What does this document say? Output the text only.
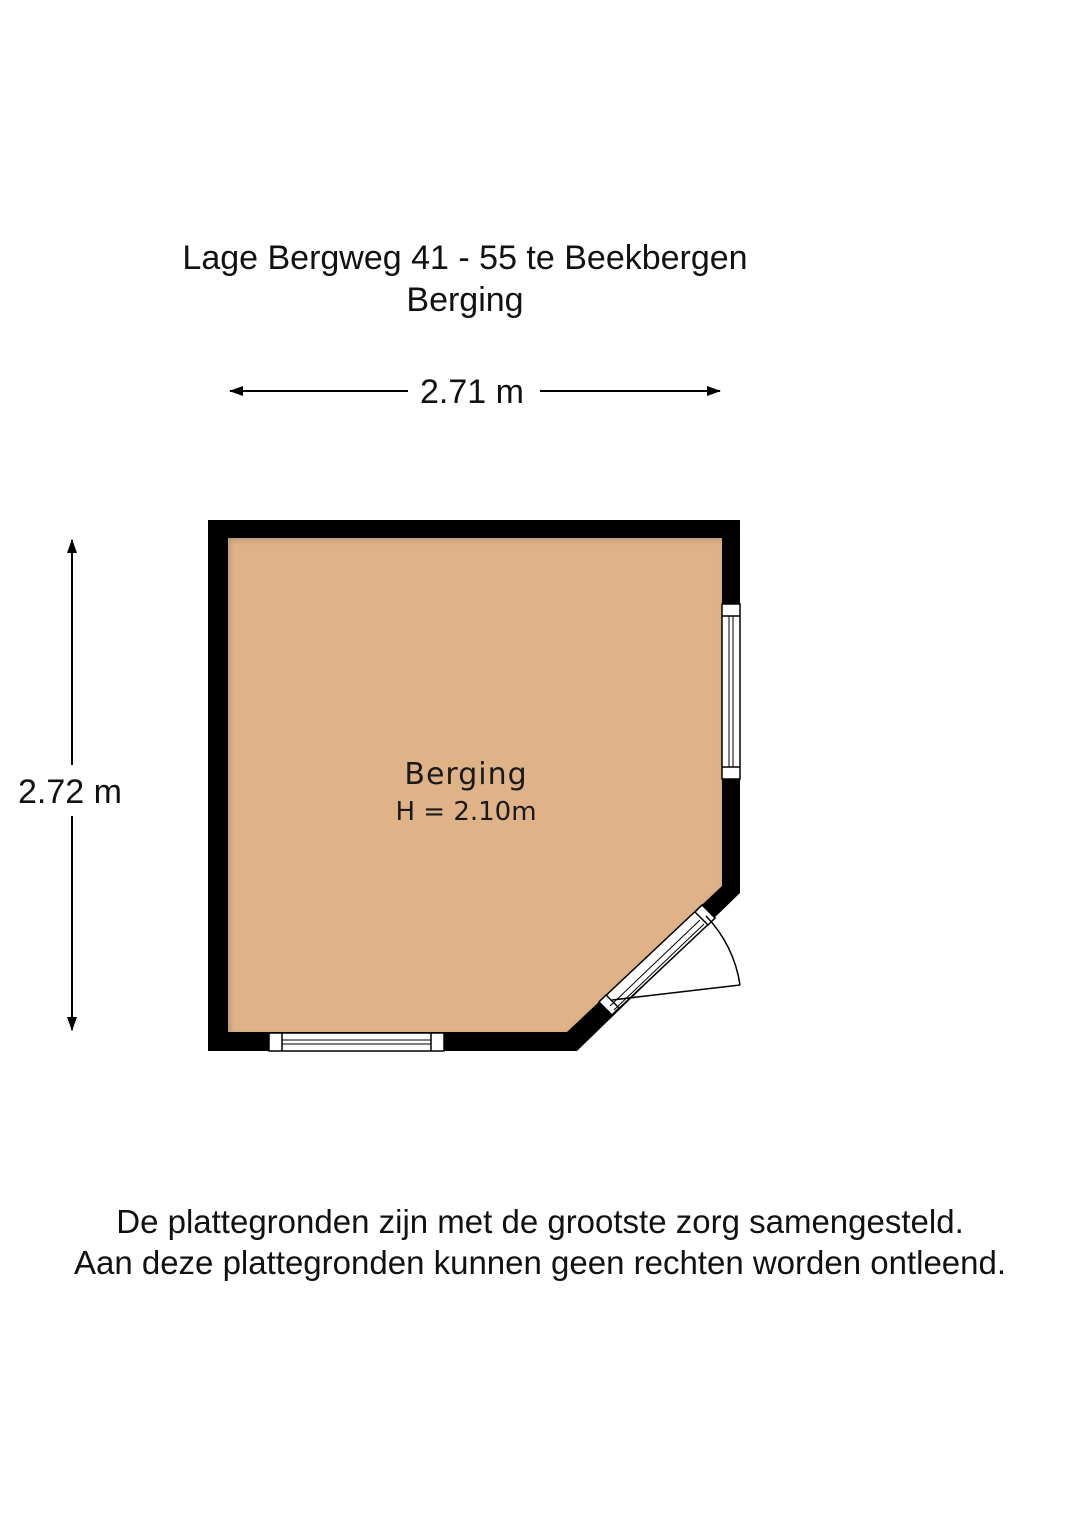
Lage Bergweg 41 - 55 te Beekbergen
Berging
2.71 m
2.72 m	Berging
H = 2.10m
De plattegronden zijn met de grootste zorg samengesteld.
Aan deze plattegronden kunnen geen rechten worden ontleend.
